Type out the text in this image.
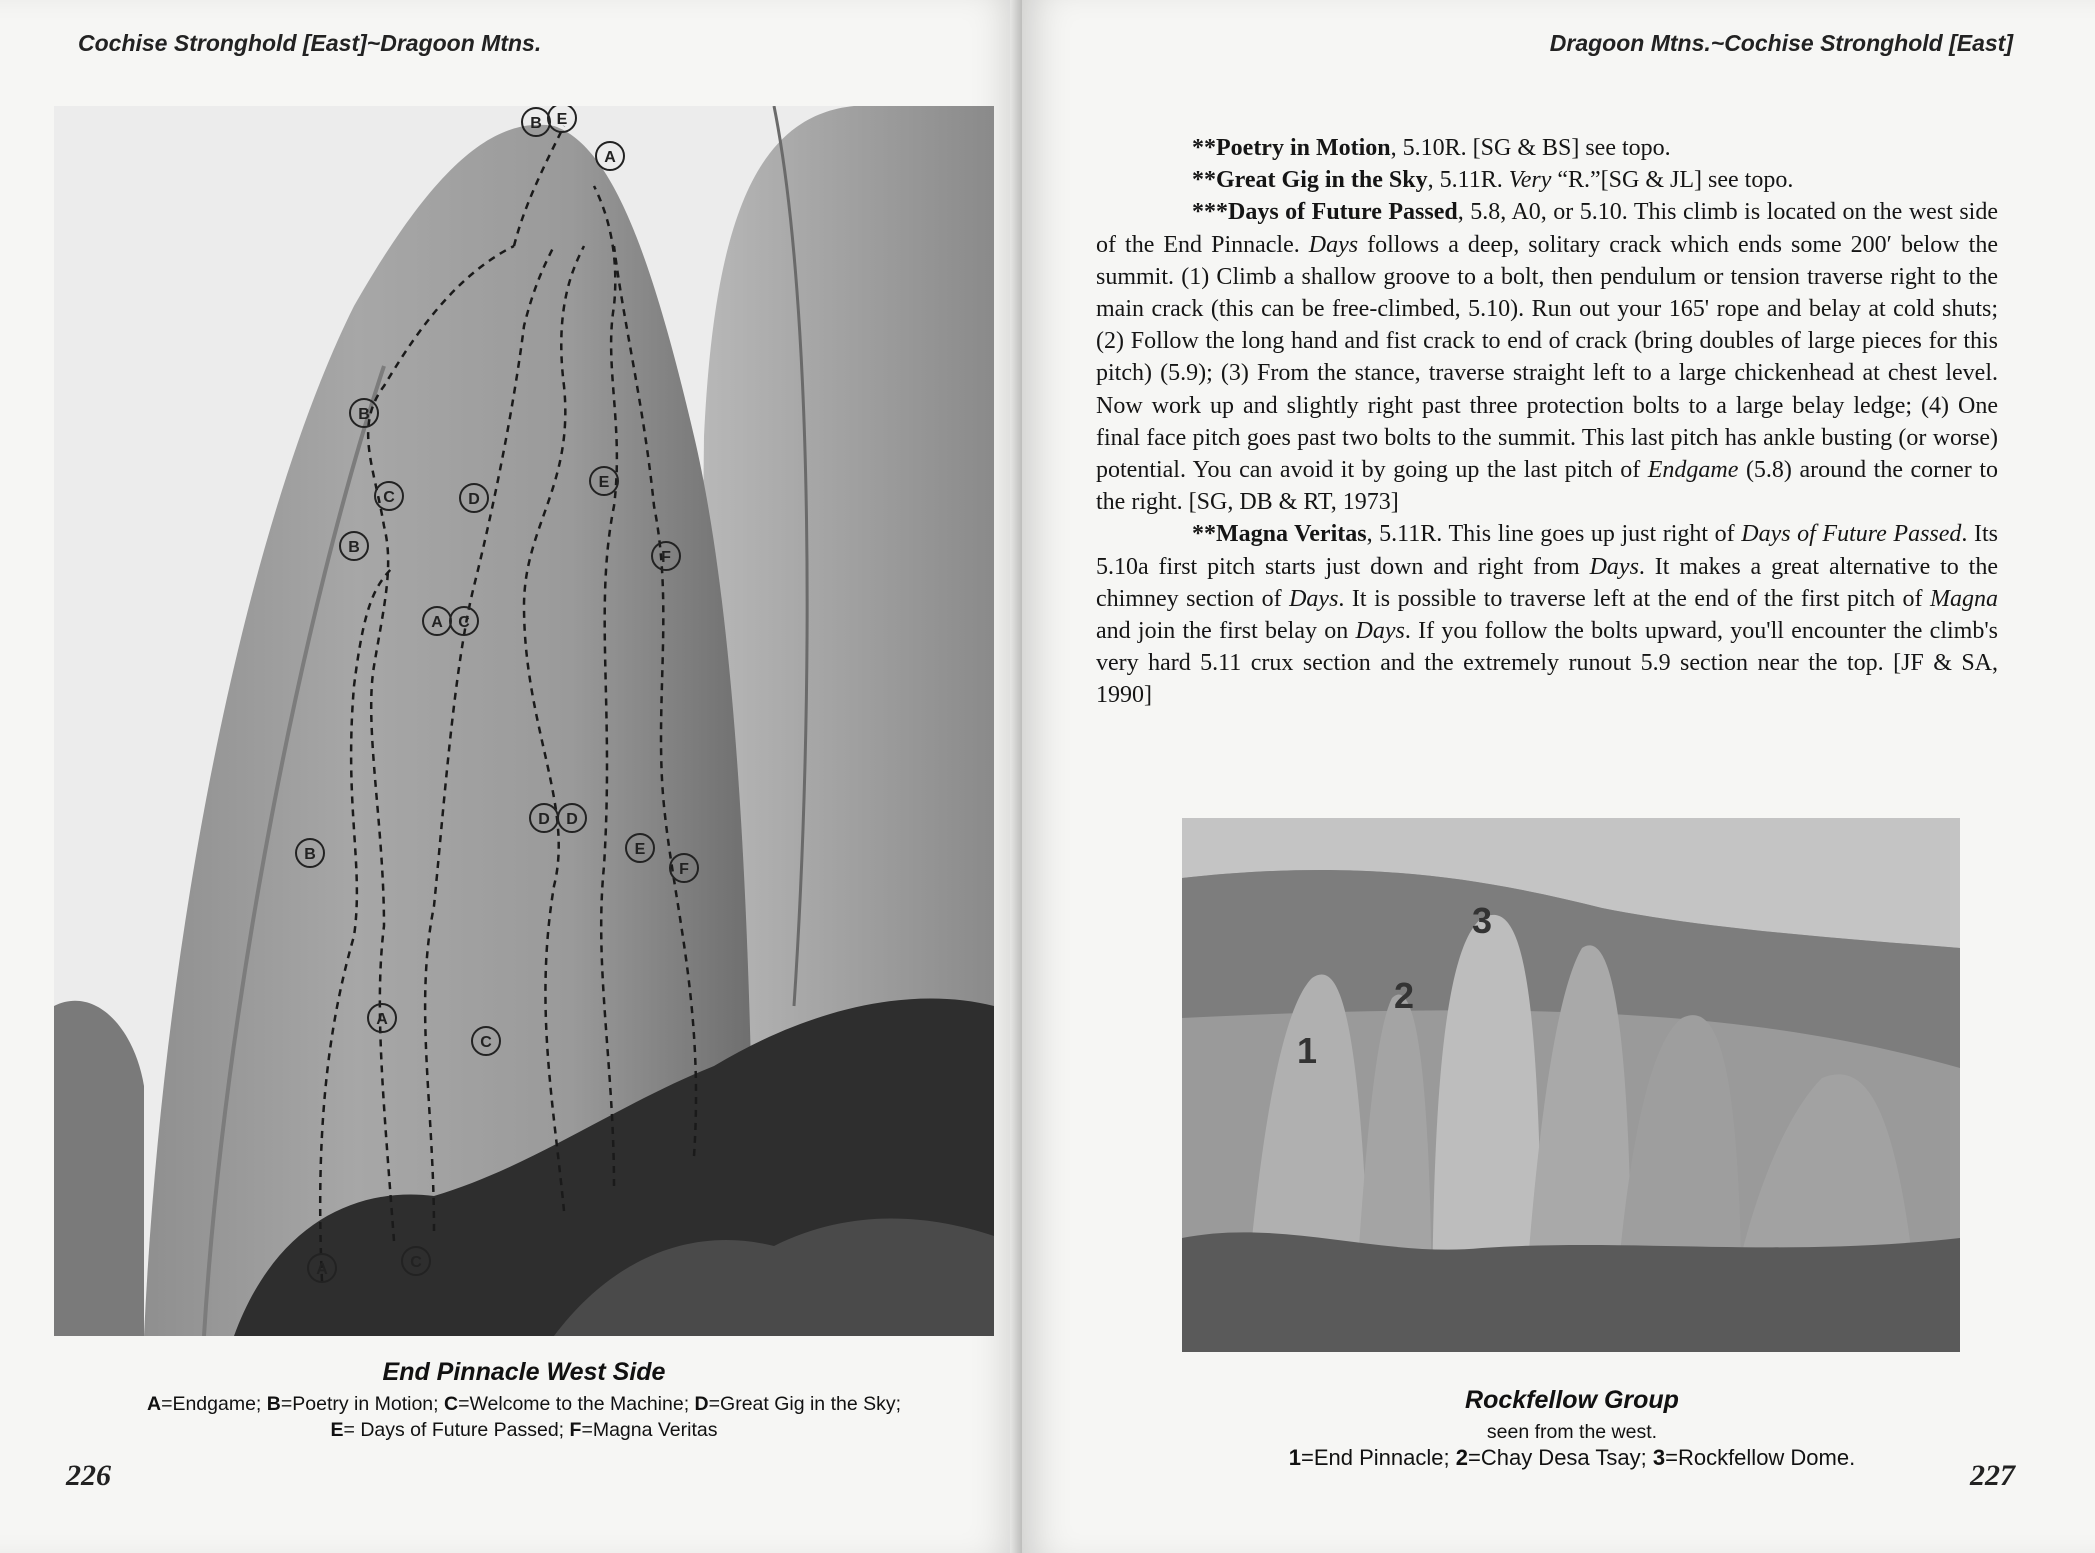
Cochise Stronghold [East]~Dragoon Mtns.
A
B
C
D
E
F
B
C	D
A C
B
A
C
D
E
F
E
B
A
End Pinnacle West Side
A=Endgame; B=Poetry in Motion; C=Welcome to the Machine; D=Great Gig in the Sky;
E= Days of Future Passed; F=Magna Veritas
226
Dragoon Mtns.~Cochise Stronghold [East]

**Poetry in Motion, 5.10R. [SG & BS] see topo.

**Great Gig in the Sky, 5.11R. Very “R.”[SG & JL] see topo.

***Days of Future Passed, 5.8, A0, or 5.10. This climb is located on the west side of the End Pinnacle. Days follows a deep, solitary crack which ends some 200′ below the summit. (1) Climb a shallow groove to a bolt, then pendulum or tension traverse right to the main crack (this can be free-climbed, 5.10). Run out your 165' rope and belay at cold shuts; (2) Follow the long hand and fist crack to end of crack (bring doubles of large pieces for this pitch) (5.9); (3) From the stance, traverse straight left to a large chickenhead at chest level. Now work up and slightly right past three protection bolts to a large belay ledge; (4) One final face pitch goes past two bolts to the summit. This last pitch has ankle busting (or worse) potential. You can avoid it by going up the last pitch of Endgame (5.8) around the corner to the right. [SG, DB & RT, 1973]

**Magna Veritas, 5.11R. This line goes up just right of Days of Future Passed. Its 5.10a first pitch starts just down and right from Days. It makes a great alternative to the chimney section of Days. It is possible to traverse left at the end of the first pitch of Magna and join the first belay on Days. If you follow the bolts upward, you'll encounter the climb's very hard 5.11 crux section and the extremely runout 5.9 section near the top. [JF & SA, 1990]

1
2
3
Rockfellow Group
seen from the west.
1=End Pinnacle; 2=Chay Desa Tsay; 3=Rockfellow Dome.
227
